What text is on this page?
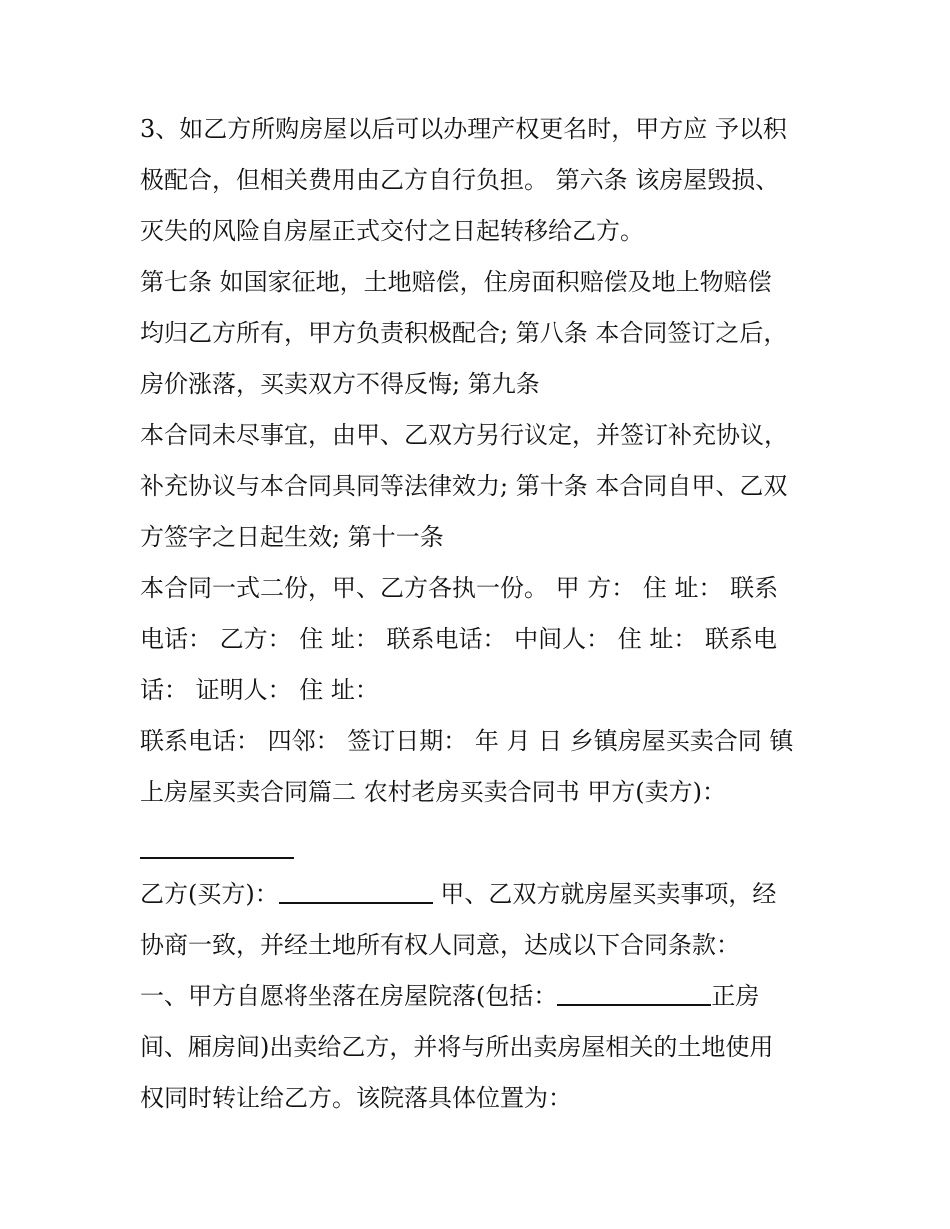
3、如乙方所购房屋以后可以办理产权更名时，甲方应 予以积
极配合，但相关费用由乙方自行负担。 第六条 该房屋毁损、
灭失的风险自房屋正式交付之日起转移给乙方。
第七条 如国家征地，土地赔偿，住房面积赔偿及地上物赔偿
均归乙方所有，甲方负责积极配合; 第八条 本合同签订之后，
房价涨落，买卖双方不得反悔; 第九条
本合同未尽事宜，由甲、乙双方另行议定，并签订补充协议，
补充协议与本合同具同等法律效力; 第十条 本合同自甲、乙双
方签字之日起生效; 第十一条
本合同一式二份，甲、乙方各执一份。 甲 方： 住 址： 联系
电话： 乙方： 住 址： 联系电话： 中间人： 住 址： 联系电
话： 证明人： 住 址：
联系电话： 四邻： 签订日期： 年 月 日 乡镇房屋买卖合同 镇
上房屋买卖合同篇二 农村老房买卖合同书 甲方(卖方)：
乙方(买方)：	甲、乙双方就房屋买卖事项，经
协商一致，并经土地所有权人同意，达成以下合同条款：
一、甲方自愿将坐落在房屋院落(包括：	正房
间、厢房间)出卖给乙方，并将与所出卖房屋相关的土地使用
权同时转让给乙方。该院落具体位置为：
